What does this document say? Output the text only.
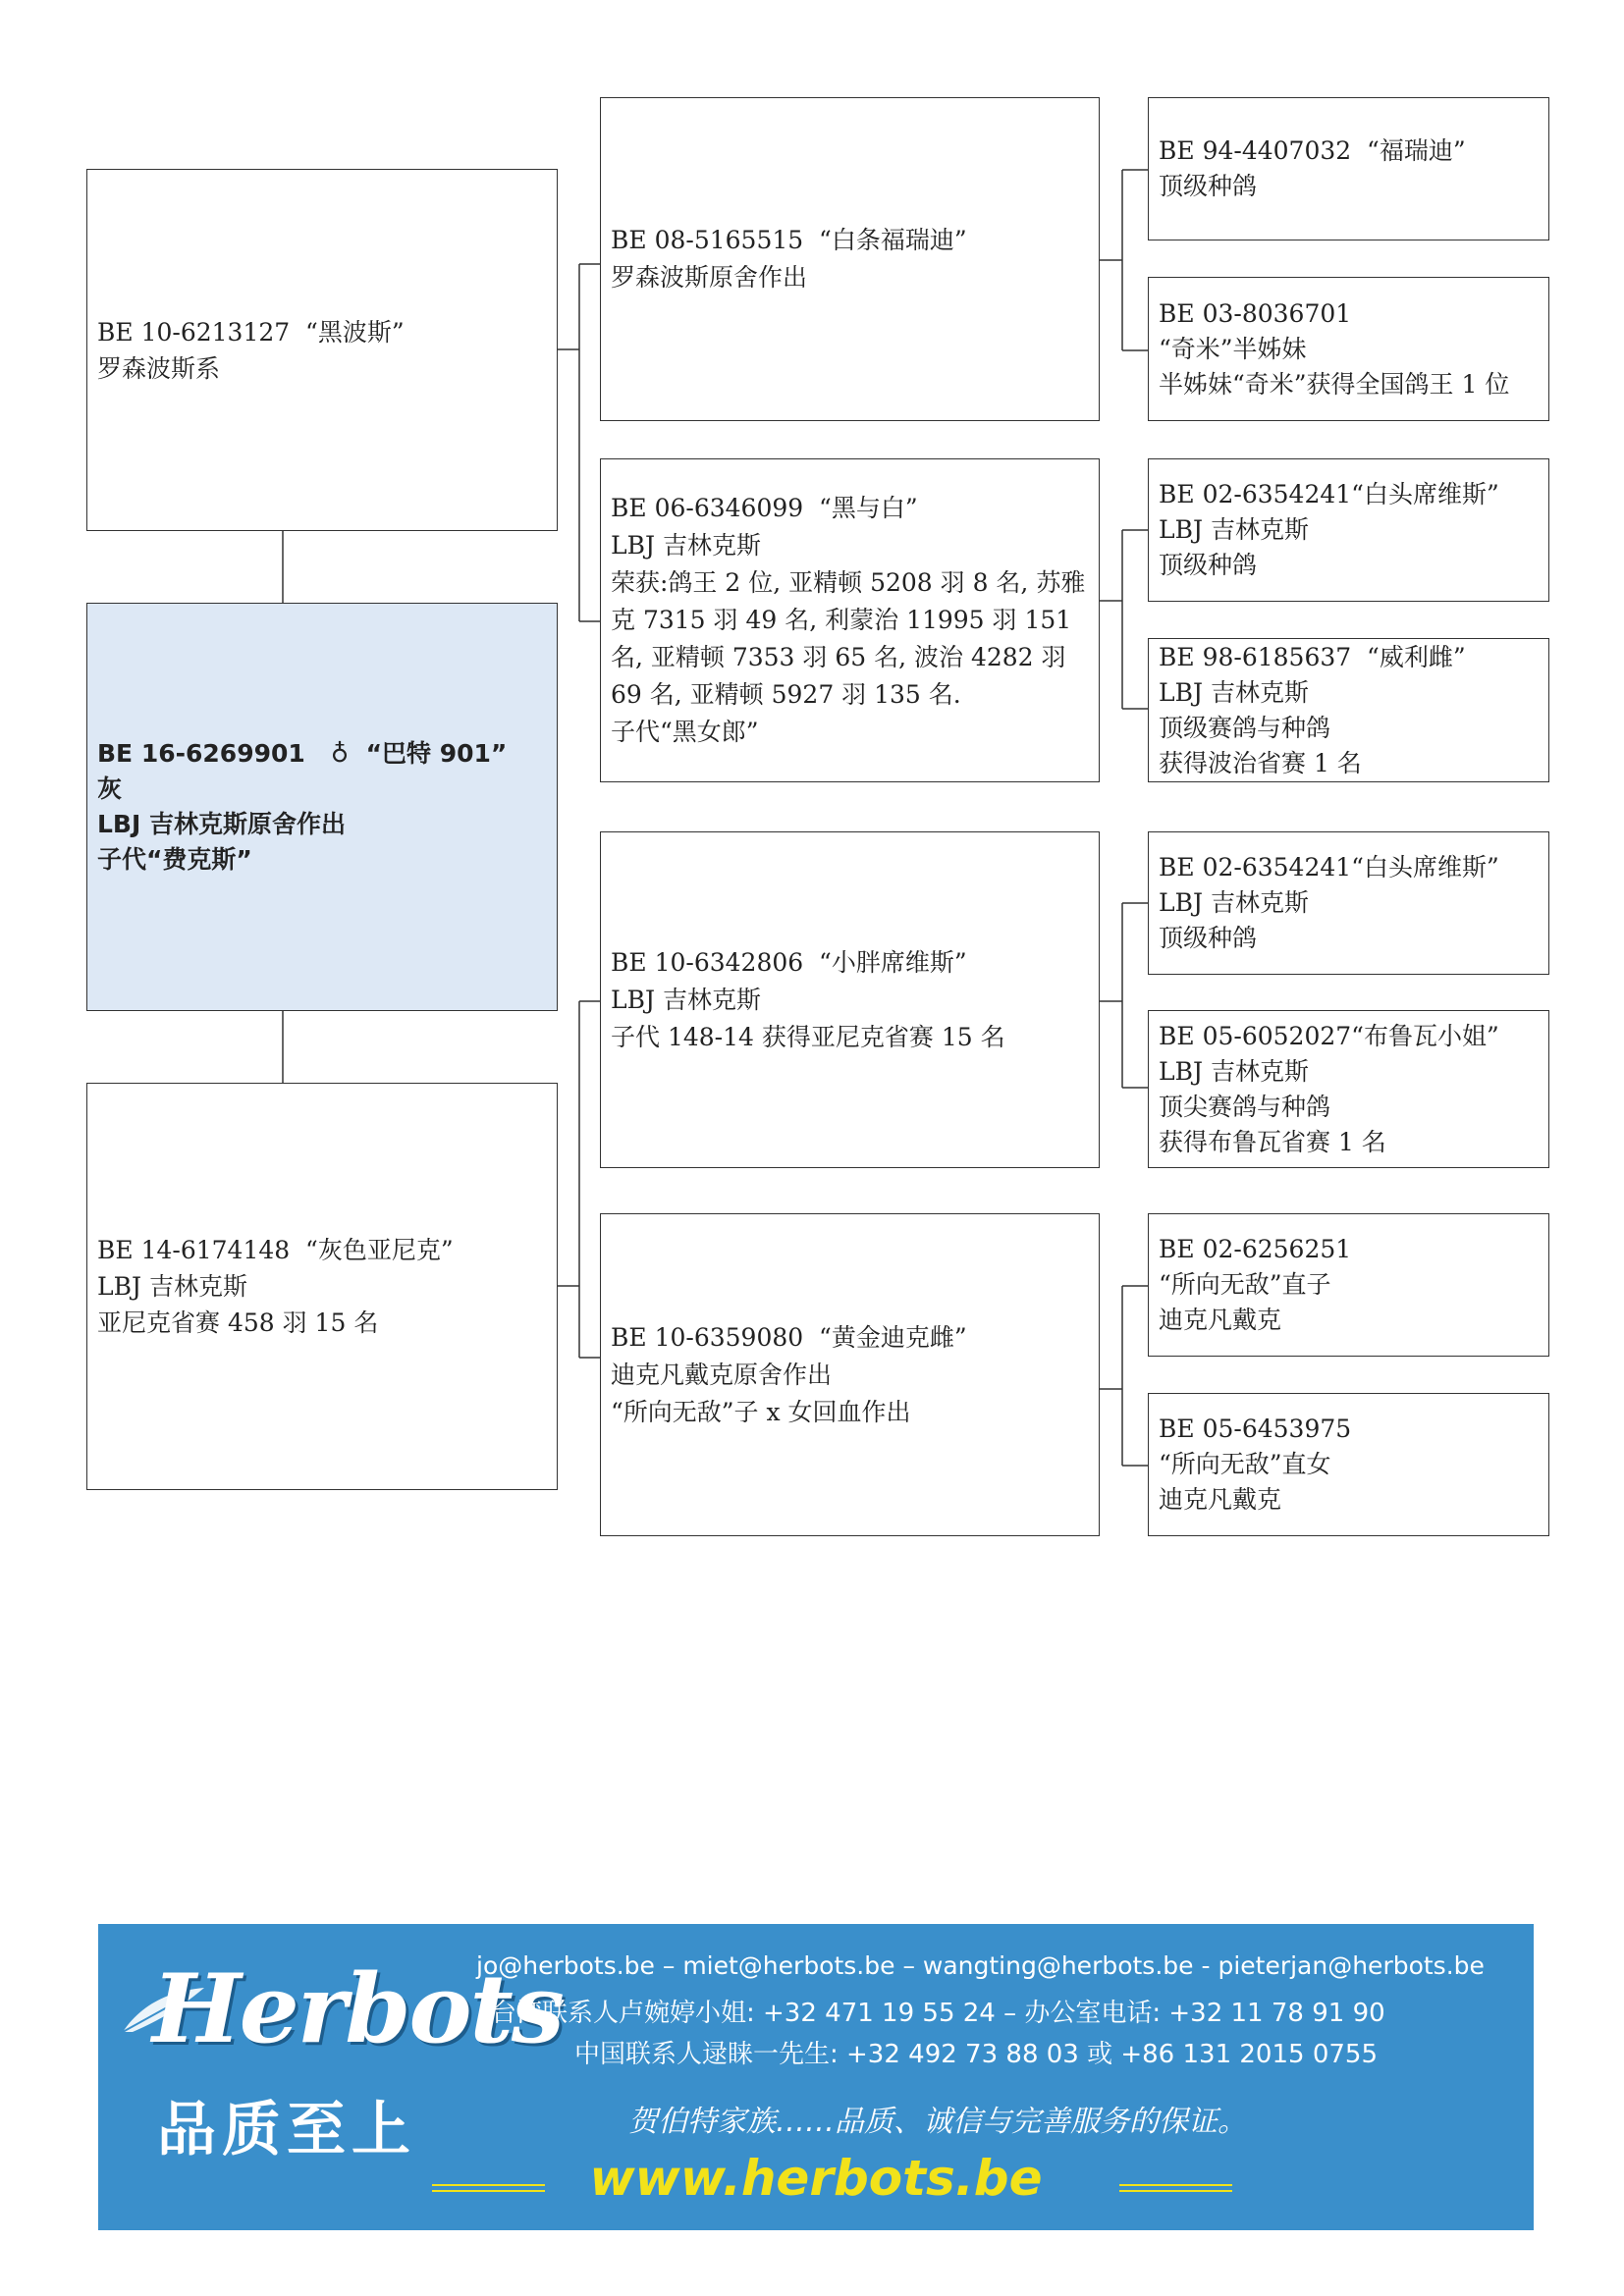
BE 10-6213127  “黑波斯”
罗森波斯系
BE 16-6269901   ♁  “巴特 901”
灰
LBJ 吉林克斯原舍作出
子代“费克斯”
BE 14-6174148  “灰色亚尼克”
LBJ 吉林克斯
亚尼克省赛 458 羽 15 名
BE 08-5165515  “白条福瑞迪”
罗森波斯原舍作出
BE 06-6346099  “黑与白”
LBJ 吉林克斯
荣获:鸽王 2 位, 亚精顿 5208 羽 8 名, 苏雅克 7315 羽 49 名, 利蒙治 11995 羽 151 名, 亚精顿 7353 羽 65 名, 波治 4282 羽 69 名, 亚精顿 5927 羽 135 名.
子代“黑女郎”
BE 10-6342806  “小胖席维斯”
LBJ 吉林克斯
子代 148-14 获得亚尼克省赛 15 名
BE 10-6359080  “黄金迪克雌”
迪克凡戴克原舍作出
“所向无敌”子 x 女回血作出
BE 94-4407032  “福瑞迪”
顶级种鸽
BE 03-8036701
“奇米”半姊妹
半姊妹“奇米”获得全国鸽王 1 位
BE 02-6354241“白头席维斯”
LBJ 吉林克斯
顶级种鸽
BE 98-6185637  “威利雌”
LBJ 吉林克斯
顶级赛鸽与种鸽
获得波治省赛 1 名
BE 02-6354241“白头席维斯”
LBJ 吉林克斯
顶级种鸽
BE 05-6052027“布鲁瓦小姐”
LBJ 吉林克斯
顶尖赛鸽与种鸽
获得布鲁瓦省赛 1 名
BE 02-6256251
“所向无敌”直子
迪克凡戴克
BE 05-6453975
“所向无敌”直女
迪克凡戴克
Herbots
品质至上
jo@herbots.be – miet@herbots.be – wangting@herbots.be - pieterjan@herbots.be
台湾联系人卢婉婷小姐: +32 471 19 55 24 – 办公室电话: +32 11 78 91 90
中国联系人逯睐一先生: +32 492 73 88 03 或 +86 131 2015 0755
贺伯特家族……品质、诚信与完善服务的保证。
www.herbots.be
